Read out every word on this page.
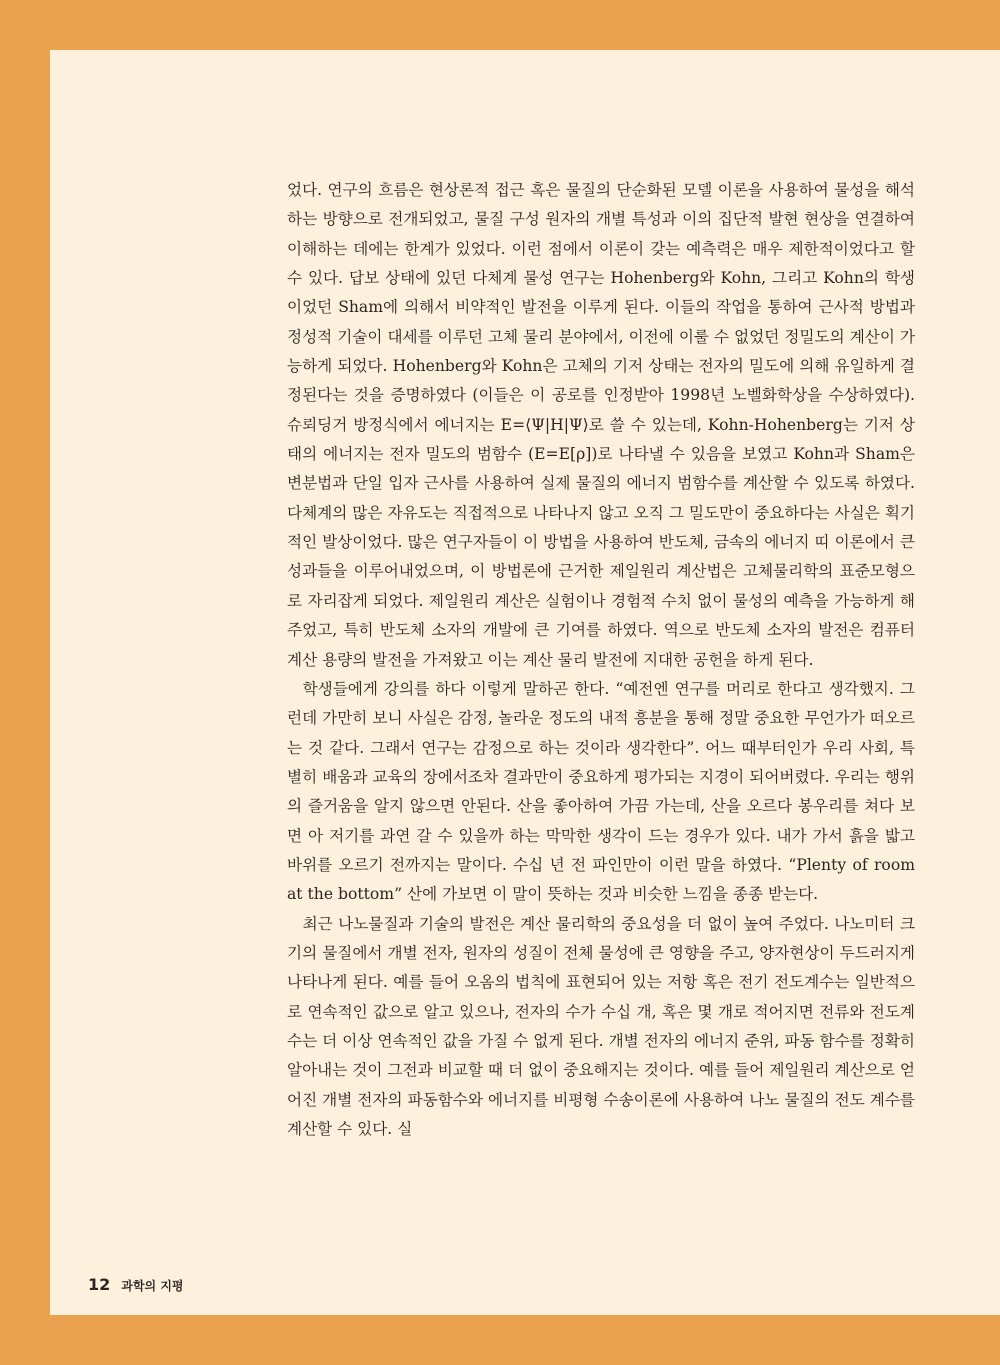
었다. 연구의 흐름은 현상론적 접근 혹은 물질의 단순화된 모델 이론을 사용하여 물성을 해석하는 방향으로 전개되었고, 물질 구성 원자의 개별 특성과 이의 집단적 발현 현상을 연결하여 이해하는 데에는 한계가 있었다. 이런 점에서 이론이 갖는 예측력은 매우 제한적이었다고 할 수 있다. 답보 상태에 있던 다체계 물성 연구는 Hohenberg와 Kohn, 그리고 Kohn의 학생이었던 Sham에 의해서 비약적인 발전을 이루게 된다. 이들의 작업을 통하여 근사적 방법과 정성적 기술이 대세를 이루던 고체 물리 분야에서, 이전에 이룰 수 없었던 정밀도의 계산이 가능하게 되었다. Hohenberg와 Kohn은 고체의 기저 상태는 전자의 밀도에 의해 유일하게 결정된다는 것을 증명하였다 (이들은 이 공로를 인정받아 1998년 노벨화학상을 수상하였다). 슈뢰딩거 방정식에서 에너지는 E=⟨Ψ|H|Ψ⟩로 쓸 수 있는데, Kohn-Hohenberg는 기저 상태의 에너지는 전자 밀도의 범함수 (E=E[ρ])로 나타낼 수 있음을 보였고 Kohn과 Sham은 변분법과 단일 입자 근사를 사용하여 실제 물질의 에너지 범함수를 계산할 수 있도록 하였다. 다체계의 많은 자유도는 직접적으로 나타나지 않고 오직 그 밀도만이 중요하다는 사실은 획기적인 발상이었다. 많은 연구자들이 이 방법을 사용하여 반도체, 금속의 에너지 띠 이론에서 큰 성과들을 이루어내었으며, 이 방법론에 근거한 제일원리 계산법은 고체물리학의 표준모형으로 자리잡게 되었다. 제일원리 계산은 실험이나 경험적 수치 없이 물성의 예측을 가능하게 해주었고, 특히 반도체 소자의 개발에 큰 기여를 하였다. 역으로 반도체 소자의 발전은 컴퓨터 계산 용량의 발전을 가져왔고 이는 계산 물리 발전에 지대한 공헌을 하게 된다.

학생들에게 강의를 하다 이렇게 말하곤 한다. “예전엔 연구를 머리로 한다고 생각했지. 그런데 가만히 보니 사실은 감정, 놀라운 정도의 내적 흥분을 통해 정말 중요한 무언가가 떠오르는 것 같다. 그래서 연구는 감정으로 하는 것이라 생각한다”. 어느 때부터인가 우리 사회, 특별히 배움과 교육의 장에서조차 결과만이 중요하게 평가되는 지경이 되어버렸다. 우리는 행위의 즐거움을 알지 않으면 안된다. 산을 좋아하여 가끔 가는데, 산을 오르다 봉우리를 쳐다 보면 아 저기를 과연 갈 수 있을까 하는 막막한 생각이 드는 경우가 있다. 내가 가서 흙을 밟고 바위를 오르기 전까지는 말이다. 수십 년 전 파인만이 이런 말을 하였다. “Plenty of room at the bottom” 산에 가보면 이 말이 뜻하는 것과 비슷한 느낌을 종종 받는다.

최근 나노물질과 기술의 발전은 계산 물리학의 중요성을 더 없이 높여 주었다. 나노미터 크기의 물질에서 개별 전자, 원자의 성질이 전체 물성에 큰 영향을 주고, 양자현상이 두드러지게 나타나게 된다. 예를 들어 오옴의 법칙에 표현되어 있는 저항 혹은 전기 전도계수는 일반적으로 연속적인 값으로 알고 있으나, 전자의 수가 수십 개, 혹은 몇 개로 적어지면 전류와 전도계수는 더 이상 연속적인 값을 가질 수 없게 된다. 개별 전자의 에너지 준위, 파동 함수를 정확히 알아내는 것이 그전과 비교할 때 더 없이 중요해지는 것이다. 예를 들어 제일원리 계산으로 얻어진 개별 전자의 파동함수와 에너지를 비평형 수송이론에 사용하여 나노 물질의 전도 계수를 계산할 수 있다. 실

12 과학의 지평
